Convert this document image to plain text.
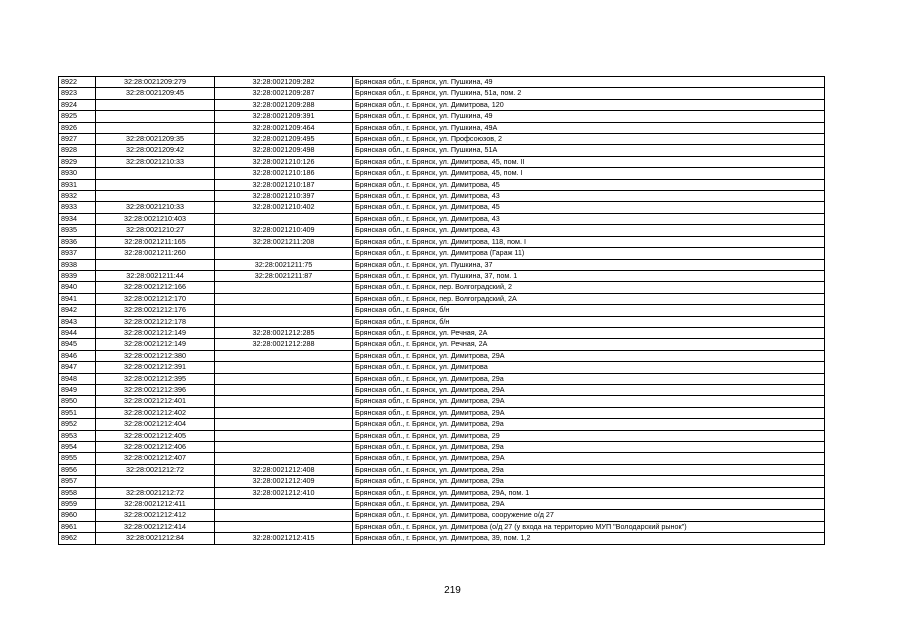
8922	32:28:0021209:279	32:28:0021209:282	Брянская обл., г. Брянск, ул. Пушкина, 49
8923	32:28:0021209:45	32:28:0021209:287	Брянская обл., г. Брянск, ул. Пушкина, 51а, пом. 2
8924		32:28:0021209:288	Брянская обл., г. Брянск, ул. Димитрова, 120
8925		32:28:0021209:391	Брянская обл., г. Брянск, ул. Пушкина, 49
8926		32:28:0021209:464	Брянская обл., г. Брянск, ул. Пушкина, 49А
8927	32:28:0021209:35	32:28:0021209:495	Брянская обл., г. Брянск, ул. Профсоюзов, 2
8928	32:28:0021209:42	32:28:0021209:498	Брянская обл., г. Брянск, ул. Пушкина, 51А
8929	32:28:0021210:33	32:28:0021210:126	Брянская обл., г. Брянск, ул. Димитрова, 45, пом. II
8930		32:28:0021210:186	Брянская обл., г. Брянск, ул. Димитрова, 45, пом. I
8931		32:28:0021210:187	Брянская обл., г. Брянск, ул. Димитрова, 45
8932		32:28:0021210:397	Брянская обл., г. Брянск, ул. Димитрова, 43
8933	32:28:0021210:33	32:28:0021210:402	Брянская обл., г. Брянск, ул. Димитрова, 45
8934	32:28:0021210:403		Брянская обл., г. Брянск, ул. Димитрова, 43
8935	32:28:0021210:27	32:28:0021210:409	Брянская обл., г. Брянск, ул. Димитрова, 43
8936	32:28:0021211:165	32:28:0021211:208	Брянская обл., г. Брянск, ул. Димитрова, 118, пом. I
8937	32:28:0021211:260		Брянская обл., г. Брянск, ул. Димитрова (Гараж 11)
8938		32:28:0021211:75	Брянская обл., г. Брянск, ул. Пушкина, 37
8939	32:28:0021211:44	32:28:0021211:87	Брянская обл., г. Брянск, ул. Пушкина, 37, пом. 1
8940	32:28:0021212:166		Брянская обл., г. Брянск, пер. Волгоградский, 2
8941	32:28:0021212:170		Брянская обл., г. Брянск, пер. Волгоградский, 2А
8942	32:28:0021212:176		Брянская обл., г. Брянск, б/н
8943	32:28:0021212:178		Брянская обл., г. Брянск, б/н
8944	32:28:0021212:149	32:28:0021212:285	Брянская обл., г. Брянск, ул. Речная, 2А
8945	32:28:0021212:149	32:28:0021212:288	Брянская обл., г. Брянск, ул. Речная, 2А
8946	32:28:0021212:380		Брянская обл., г. Брянск, ул. Димитрова, 29А
8947	32:28:0021212:391		Брянская обл., г. Брянск, ул. Димитрова
8948	32:28:0021212:395		Брянская обл., г. Брянск, ул. Димитрова, 29а
8949	32:28:0021212:396		Брянская обл., г. Брянск, ул. Димитрова, 29А
8950	32:28:0021212:401		Брянская обл., г. Брянск, ул. Димитрова, 29А
8951	32:28:0021212:402		Брянская обл., г. Брянск, ул. Димитрова, 29А
8952	32:28:0021212:404		Брянская обл., г. Брянск, ул. Димитрова, 29а
8953	32:28:0021212:405		Брянская обл., г. Брянск, ул. Димитрова, 29
8954	32:28:0021212:406		Брянская обл., г. Брянск, ул. Димитрова, 29а
8955	32:28:0021212:407		Брянская обл., г. Брянск, ул. Димитрова, 29А
8956	32:28:0021212:72	32:28:0021212:408	Брянская обл., г. Брянск, ул. Димитрова, 29а
8957		32:28:0021212:409	Брянская обл., г. Брянск, ул. Димитрова, 29а
8958	32:28:0021212:72	32:28:0021212:410	Брянская обл., г. Брянск, ул. Димитрова, 29А, пом. 1
8959	32:28:0021212:411		Брянская обл., г. Брянск, ул. Димитрова, 29А
8960	32:28:0021212:412		Брянская обл., г. Брянск, ул. Димитрова, сооружение о/д 27
8961	32:28:0021212:414		Брянская обл., г. Брянск, ул. Димитрова (о/д 27 (у входа на территорию МУП "Володарский рынок")
8962	32:28:0021212:84	32:28:0021212:415	Брянская обл., г. Брянск, ул. Димитрова, 39, пом. 1,2
219
